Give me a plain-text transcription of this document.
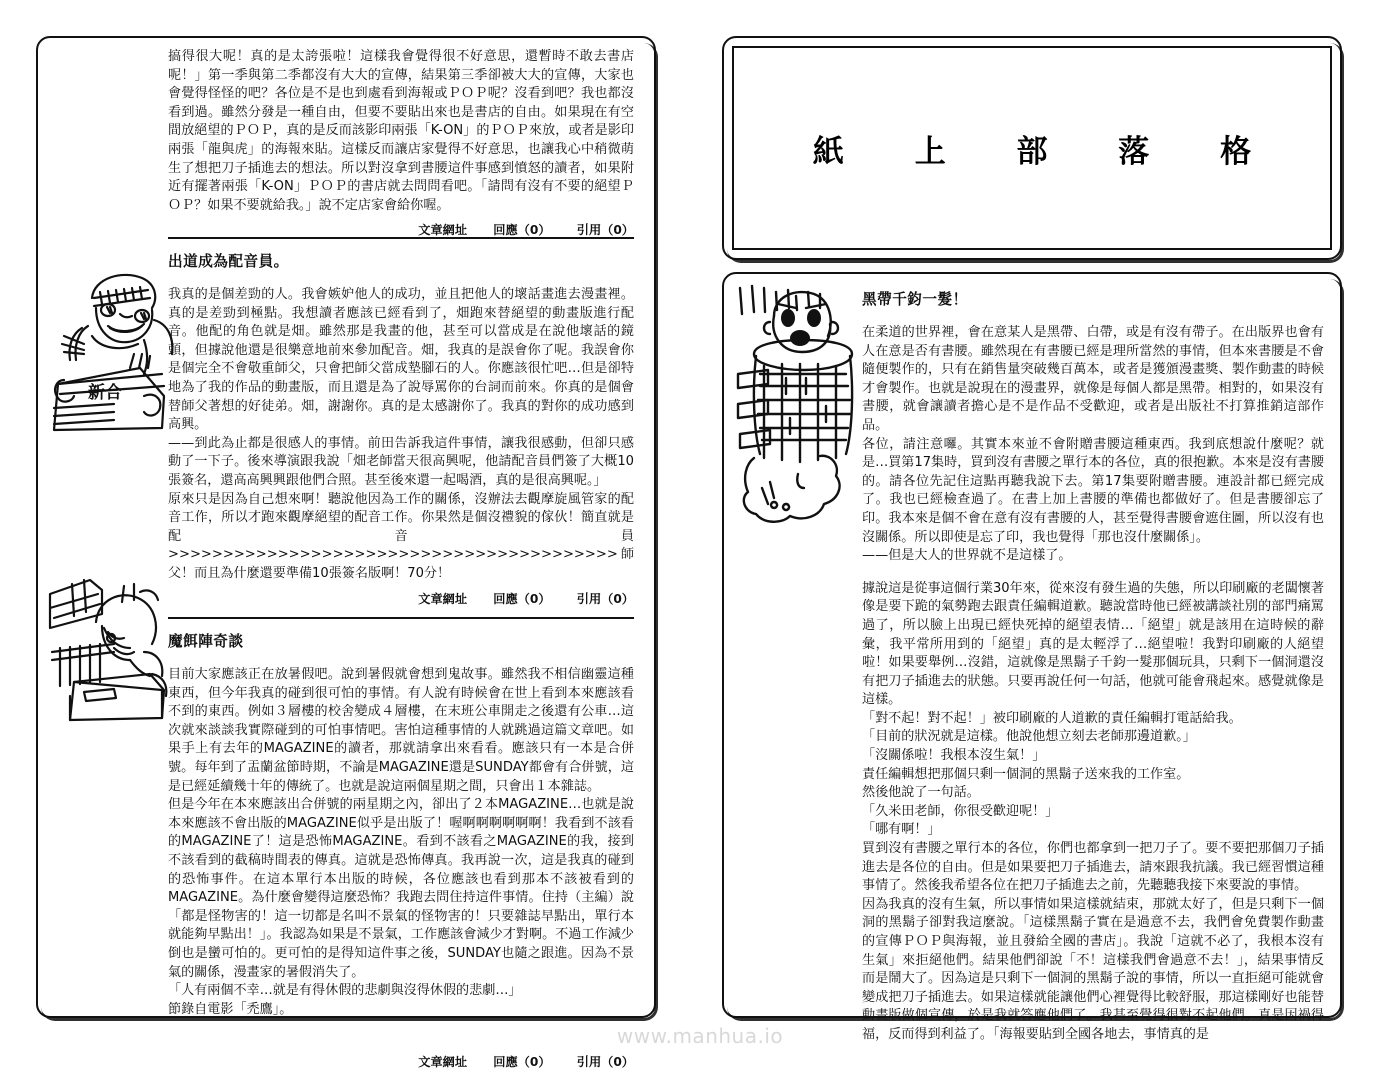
搞得很大呢！真的是太誇張啦！這樣我會覺得很不好意思，還暫時不敢去書店呢！」第一季與第二季都沒有大大的宣傳，結果第三季卻被大大的宣傳，大家也會覺得怪怪的吧？各位是不是也到處看到海報或ＰＯＰ呢？沒看到吧？我也都沒看到過。雖然分發是一種自由，但要不要貼出來也是書店的自由。如果現在有空間放絕望的ＰＯＰ，真的是反而該影印兩張「K-ON」的ＰＯＰ來放，或者是影印兩張「龍與虎」的海報來貼。這樣反而讓店家覺得不好意思，也讓我心中稍微萌生了想把刀子插進去的想法。所以對沒拿到書腰這件事感到憤怒的讀者，如果附近有擺著兩張「K-ON」ＰＯＰ的書店就去問問看吧。「請問有沒有不要的絕望ＰＯＰ？如果不要就給我。」說不定店家會給你喔。

文章網址 回應（0） 引用（0）
出道成為配音員。

我真的是個差勁的人。我會嫉妒他人的成功，並且把他人的壞話畫進去漫畫裡。真的是差勁到極點。我想讀者應該已經看到了，畑跑來替絕望的動畫版進行配音。他配的角色就是畑。雖然那是我畫的他，甚至可以當成是在說他壞話的鏡頭，但據說他還是很樂意地前來參加配音。畑，我真的是誤會你了呢。我誤會你是個完全不會敬重師父，只會把師父當成墊腳石的人。你應該很忙吧…但是卻特地為了我的作品的動畫版，而且還是為了說辱罵你的台詞而前來。你真的是個會替師父著想的好徒弟。畑，謝謝你。真的是太感謝你了。我真的對你的成功感到高興。

——到此為止都是很感人的事情。前田告訴我這件事情，讓我很感動，但卻只感動了一下子。後來導演跟我說「畑老師當天很高興呢，他請配音員們簽了大概10張簽名，還高高興興跟他們合照。甚至後來還一起喝酒，真的是很高興呢。」

原來只是因為自己想來啊！聽說他因為工作的關係，沒辦法去觀摩旋風管家的配音工作，所以才跑來觀摩絕望的配音工作。你果然是個沒禮貌的傢伙！簡直就是配音員>>>>>>>>>>>>>>>>>>>>>>>>>>>>>>>>>>>>>>>>>師父！而且為什麼還要準備10張簽名版啊！70分！

文章網址 回應（0） 引用（0）
魔餌陣奇談

目前大家應該正在放暑假吧。說到暑假就會想到鬼故事。雖然我不相信幽靈這種東西，但今年我真的碰到很可怕的事情。有人說有時候會在世上看到本來應該看不到的東西。例如３層樓的校舍變成４層樓，在末班公車開走之後還有公車…這次就來談談我實際碰到的可怕事情吧。害怕這種事情的人就跳過這篇文章吧。如果手上有去年的MAGAZINE的讀者，那就請拿出來看看。應該只有一本是合併號。每年到了盂蘭盆節時期，不論是MAGAZINE還是SUNDAY都會有合併號，這是已經延續幾十年的傳統了。也就是說這兩個星期之間，只會出１本雜誌。

但是今年在本來應該出合併號的兩星期之內，卻出了２本MAGAZINE…也就是說本來應該不會出版的MAGAZINE似乎是出版了！喔啊啊啊啊啊啊！我看到不該看的MAGAZINE了！這是恐怖MAGAZINE。看到不該看之MAGAZINE的我，接到不該看到的截稿時間表的傳真。這就是恐怖傳真。我再說一次，這是我真的碰到的恐怖事件。在這本單行本出版的時候，各位應該也看到那本不該被看到的MAGAZINE。為什麼會變得這麼恐怖？我跑去問住持這件事情。住持（主編）說「都是怪物害的！這一切都是名叫不景氣的怪物害的！只要雜誌早點出，單行本就能夠早點出！」。我認為如果是不景氣，工作應該會減少才對啊。不過工作減少倒也是蠻可怕的。更可怕的是得知這件事之後，SUNDAY也隨之跟進。因為不景氣的關係，漫畫家的暑假消失了。

「人有兩個不幸…就是有得休假的悲劇與沒得休假的悲劇…」

節錄自電影「禿鷹」。

文章網址 回應（0） 引用（0）
新合
紙 上 部 落 格
黑帶千鈞一髮！

在柔道的世界裡，會在意某人是黑帶、白帶，或是有沒有帶子。在出版界也會有人在意是否有書腰。雖然現在有書腰已經是理所當然的事情，但本來書腰是不會隨便製作的，只有在銷售量突破幾百萬本，或者是獲頒漫畫獎、製作動畫的時候才會製作。也就是說現在的漫畫界，就像是每個人都是黑帶。相對的，如果沒有書腰，就會讓讀者擔心是不是作品不受歡迎，或者是出版社不打算推銷這部作品。

各位，請注意囉。其實本來並不會附贈書腰這種東西。我到底想說什麼呢？就是…買第17集時，買到沒有書腰之單行本的各位，真的很抱歉。本來是沒有書腰的。請各位先記住這點再聽我說下去。第17集要附贈書腰。連設計都已經完成了。我也已經檢查過了。在書上加上書腰的準備也都做好了。但是書腰卻忘了印。我本來是個不會在意有沒有書腰的人，甚至覺得書腰會遮住圖，所以沒有也沒關係。所以即使是忘了印，我也覺得「那也沒什麼關係」。

——但是大人的世界就不是這樣了。

據說這是從事這個行業30年來，從來沒有發生過的失態，所以印刷廠的老闆懷著像是要下跪的氣勢跑去跟責任編輯道歉。聽說當時他已經被講談社別的部門痛罵過了，所以臉上出現已經快死掉的絕望表情…「絕望」就是該用在這時候的辭彙，我平常所用到的「絕望」真的是太輕浮了…絕望啦！我對印刷廠的人絕望啦！如果要舉例…沒錯，這就像是黑鬍子千鈞一髮那個玩具，只剩下一個洞還沒有把刀子插進去的狀態。只要再說任何一句話，他就可能會飛起來。感覺就像是這樣。

「對不起！對不起！」被印刷廠的人道歉的責任編輯打電話給我。

「目前的狀況就是這樣。他說他想立刻去老師那邊道歉。」

「沒關係啦！我根本沒生氣！」

責任編輯想把那個只剩一個洞的黑鬍子送來我的工作室。

然後他說了一句話。

「久米田老師，你很受歡迎呢！」

「哪有啊！」

買到沒有書腰之單行本的各位，你們也都拿到一把刀子了。要不要把那個刀子插進去是各位的自由。但是如果要把刀子插進去，請來跟我抗議。我已經習慣這種事情了。然後我希望各位在把刀子插進去之前，先聽聽我接下來要說的事情。

因為我真的沒有生氣，所以事情如果這樣就結束，那就太好了，但是只剩下一個洞的黑鬍子卻對我這麼說。「這樣黑鬍子實在是過意不去，我們會免費製作動畫的宣傳ＰＯＰ與海報，並且發給全國的書店」。我說「這就不必了，我根本沒有生氣」來拒絕他們。結果他們卻說「不！這樣我們會過意不去！」，結果事情反而是鬧大了。因為這是只剩下一個洞的黑鬍子說的事情，所以一直拒絕可能就會變成把刀子插進去。如果這樣就能讓他們心裡覺得比較舒服，那這樣剛好也能替動畫版做個宣傳，於是我就答應他們了。我甚至覺得很對不起他們。真是因禍得福，反而得到利益了。「海報要貼到全國各地去，事情真的是

www.manhua.io
